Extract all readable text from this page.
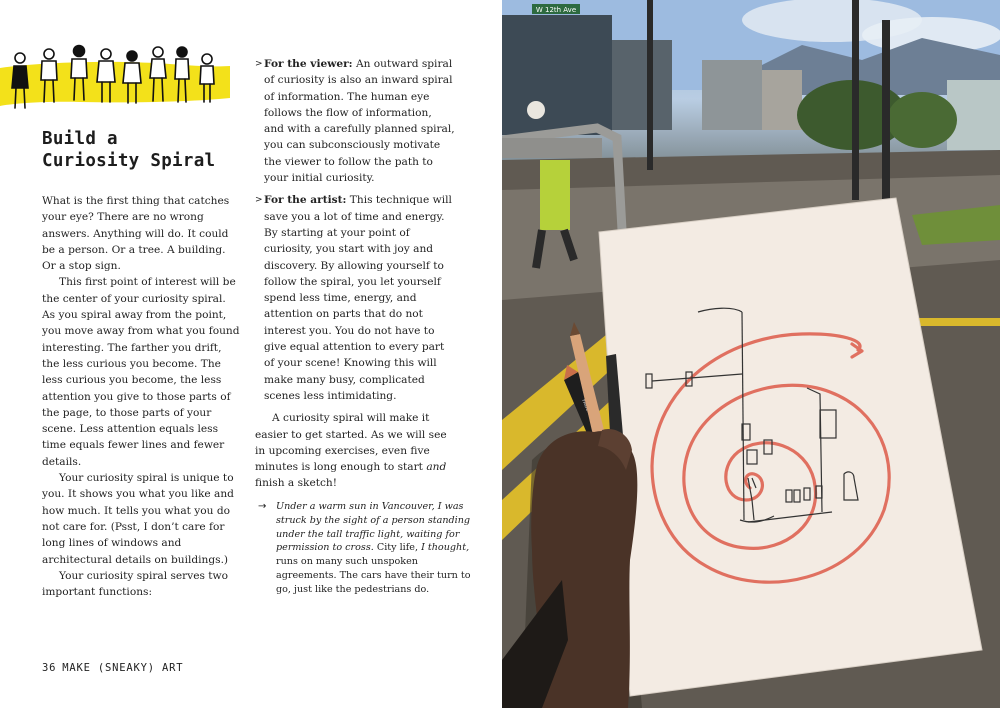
Build a
Curiosity Spiral

What is the first thing that catches your eye? There are no wrong answers. Anything will do. It could be a person. Or a tree. A building. Or a stop sign.

This first point of interest will be the center of your curiosity spiral. As you spiral away from the point, you move away from what you found interesting. The farther you drift, the less curious you become. The less curious you become, the less attention you give to those parts of the page, to those parts of your scene. Less attention equals less time equals fewer lines and fewer details.

Your curiosity spiral is unique to you. It shows you what you like and how much. It tells you what you do not care for. (Psst, I don’t care for long lines of windows and architectural details on buildings.)

Your curiosity spiral serves two important functions:

> For the viewer: An outward spiral of curiosity is also an inward spiral of information. The human eye follows the flow of information, and with a carefully planned spiral, you can subconsciously motivate the viewer to follow the path to your initial curiosity.
> For the artist: This technique will save you a lot of time and energy. By starting at your point of curiosity, you start with joy and discovery. By allowing yourself to follow the spiral, you let yourself spend less time, energy, and attention on parts that do not interest you. You do not have to give equal attention to every part of your scene! Knowing this will make many busy, complicated scenes less intimidating.

A curiosity spiral will make it easier to get started. As we will see in upcoming exercises, even five minutes is long enough to start and finish a sketch!

→ Under a warm sun in Vancouver, I was struck by the sight of a person standing under the tall traffic light, waiting for permission to cross. City life, I thought, runs on many such unspoken agreements. The cars have their turn to go, just like the pedestrians do.
36 MAKE (SNEAKY) ART
W 12th Ave
